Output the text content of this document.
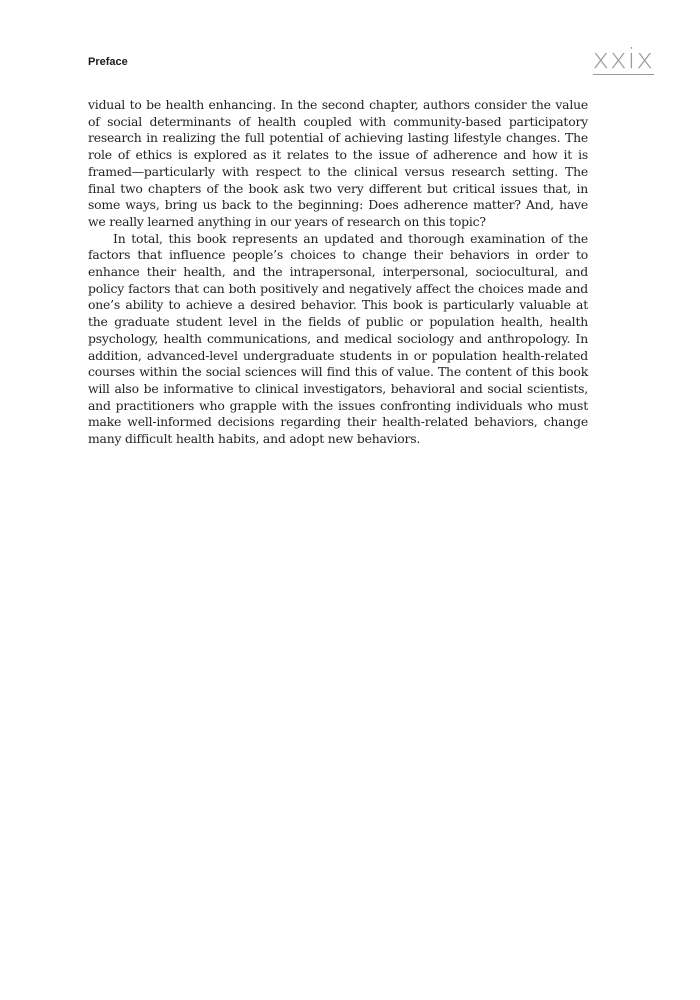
Preface	xxix

vidual to be health enhancing. In the second chapter, authors consider the value of social determinants of health coupled with community-based participatory research in realizing the full potential of achieving lasting lifestyle changes. The role of ethics is explored as it relates to the issue of adherence and how it is framed—particularly with respect to the clinical versus research setting. The final two chapters of the book ask two very different but critical issues that, in some ways, bring us back to the beginning: Does adherence matter? And, have we really learned anything in our years of research on this topic?

In total, this book represents an updated and thorough examination of the factors that influence people’s choices to change their behaviors in order to enhance their health, and the intrapersonal, interpersonal, sociocultural, and policy factors that can both positively and negatively affect the choices made and one’s ability to achieve a desired behavior. This book is particularly valuable at the graduate student level in the fields of public or population health, health psychology, health communications, and medical sociology and anthropology. In addition, advanced-level undergraduate students in or population health-related courses within the social sciences will find this of value. The content of this book will also be informative to clinical investigators, behavioral and social scientists, and practitioners who grapple with the issues confronting individuals who must make well-informed decisions regarding their health-related behaviors, change many difficult health habits, and adopt new behaviors.
